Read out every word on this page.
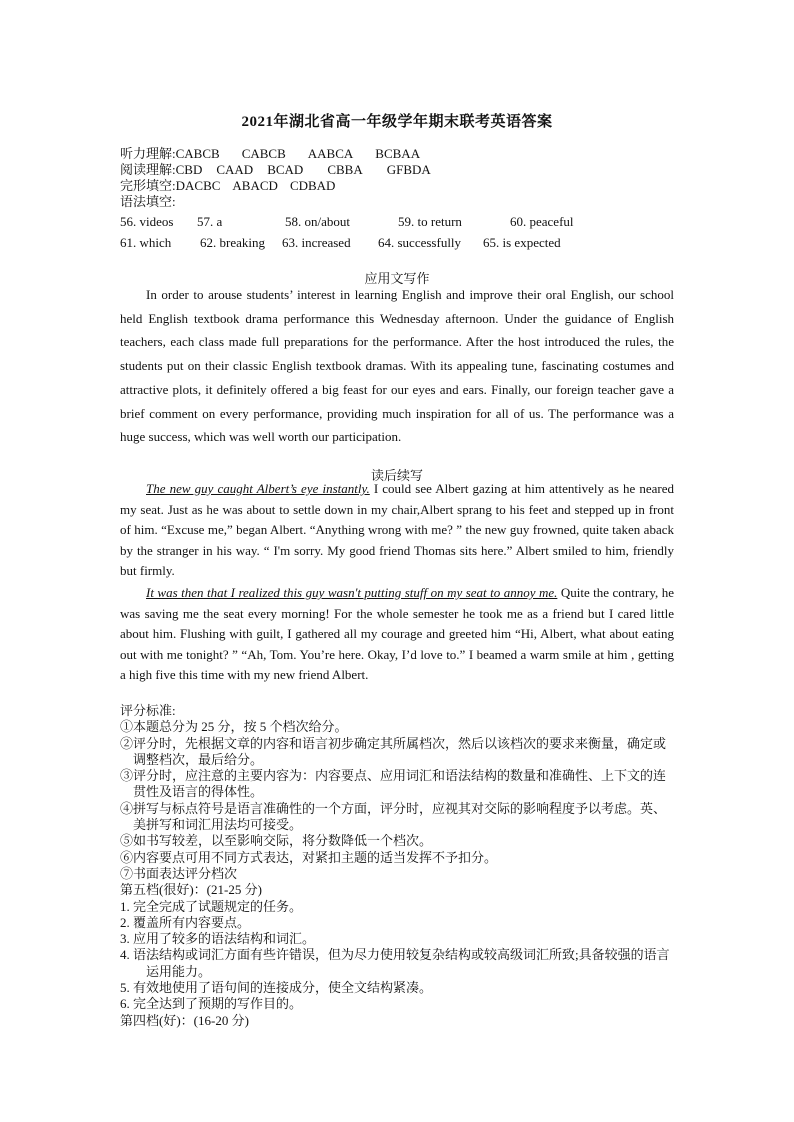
2021年湖北省高一年级学年期末联考英语答案
听力理解:CABCB CABCB AABCA BCBAA
阅读理解:CBD CAAD BCAD CBBA GFBDA
完形填空:DACBC ABACD CDBAD
语法填空:
56. videos 57. a	58. on/about	59. to return	60. peaceful
61. which 62. breaking 63. increased 64. successfully 65. is expected
应用文写作

In order to arouse students’ interest in learning English and improve their oral English, our school held English textbook drama performance this Wednesday afternoon. Under the guidance of English teachers, each class made full preparations for the performance. After the host introduced the rules, the students put on their classic English textbook dramas. With its appealing tune, fascinating costumes and attractive plots, it definitely offered a big feast for our eyes and ears. Finally, our foreign teacher gave a brief comment on every performance, providing much inspiration for all of us. The performance was a huge success, which was well worth our participation.

读后续写

The new guy caught Albert’s eye instantly. I could see Albert gazing at him attentively as he neared my seat. Just as he was about to settle down in my chair,Albert sprang to his feet and stepped up in front of him. “Excuse me,” began Albert. “Anything wrong with me? ” the new guy frowned, quite taken aback by the stranger in his way. “ I'm sorry. My good friend Thomas sits here.” Albert smiled to him, friendly but firmly.

It was then that I realized this guy wasn't putting stuff on my seat to annoy me. Quite the contrary, he was saving me the seat every morning! For the whole semester he took me as a friend but I cared little about him. Flushing with guilt, I gathered all my courage and greeted him “Hi, Albert, what about eating out with me tonight? ” “Ah, Tom. You’re here. Okay, I’d love to.” I beamed a warm smile at him , getting a high five this time with my new friend Albert.

评分标准:
①本题总分为 25 分，按 5 个档次给分。
②评分时，先根据文章的内容和语言初步确定其所属档次，然后以该档次的要求来衡量，确定或调整档次，最后给分。
③评分时，应注意的主要内容为：内容要点、应用词汇和语法结构的数量和准确性、上下文的连贯性及语言的得体性。
④拼写与标点符号是语言准确性的一个方面，评分时，应视其对交际的影响程度予以考虑。英、美拼写和词汇用法均可接受。
⑤如书写较差，以至影响交际，将分数降低一个档次。
⑥内容要点可用不同方式表达，对紧扣主题的适当发挥不予扣分。
⑦书面表达评分档次
第五档(很好)：(21-25 分)
1. 完全完成了试题规定的任务。
2. 覆盖所有内容要点。
3. 应用了较多的语法结构和词汇。
4. 语法结构或词汇方面有些许错误，但为尽力使用较复杂结构或较高级词汇所致;具备较强的语言运用能力。
5. 有效地使用了语句间的连接成分，使全文结构紧凑。
6. 完全达到了预期的写作目的。
第四档(好)：(16-20 分)
